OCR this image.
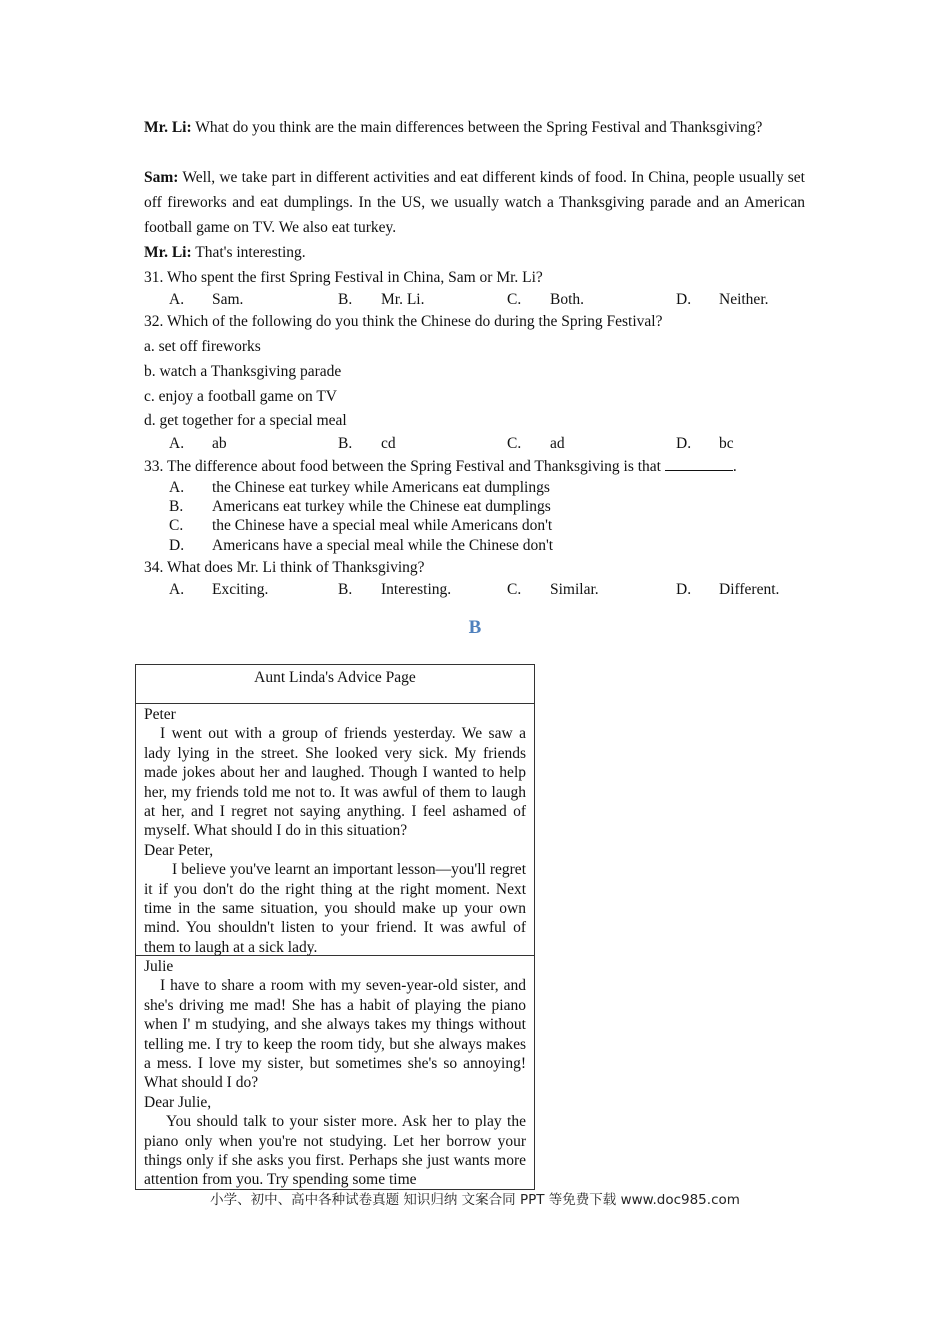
Mr. Li: What do you think are the main differences between the Spring Festival and Thanksgiving?
Sam: Well, we take part in different activities and eat different kinds of food. In China, people usually set off fireworks and eat dumplings. In the US, we usually watch a Thanksgiving parade and an American football game on TV. We also eat turkey.
Mr. Li: That's interesting.
31. Who spent the first Spring Festival in China, Sam or Mr. Li?
A. Sam.	B. Mr. Li.	C. Both.	D. Neither.
32. Which of the following do you think the Chinese do during the Spring Festival?
a. set off fireworks
b. watch a Thanksgiving parade
c. enjoy a football game on TV
d. get together for a special meal
A. ab	B. cd	C. ad	D. bc
33. The difference about food between the Spring Festival and Thanksgiving is that	.
A. the Chinese eat turkey while Americans eat dumplings
B. Americans eat turkey while the Chinese eat dumplings
C. the Chinese have a special meal while Americans don't
D. Americans have a special meal while the Chinese don't
34. What does Mr. Li think of Thanksgiving?
A. Exciting.	B. Interesting.	C. Similar.	D. Different.
B
Aunt Linda's Advice Page
Peter
I went out with a group of friends yesterday. We saw a lady lying in the street. She looked very sick. My friends made jokes about her and laughed. Though I wanted to help her, my friends told me not to. It was awful of them to laugh at her, and I regret not saying anything. I feel ashamed of myself. What should I do in this situation?
Dear Peter,
I believe you've learnt an important lesson—you'll regret it if you don't do the right thing at the right moment. Next time in the same situation, you should make up your own mind. You shouldn't listen to your friend. It was awful of them to laugh at a sick lady.
Julie
I have to share a room with my seven-year-old sister, and she's driving me mad! She has a habit of playing the piano when I' m studying, and she always takes my things without telling me. I try to keep the room tidy, but she always makes a mess. I love my sister, but sometimes she's so annoying! What should I do?
Dear Julie,
You should talk to your sister more. Ask her to play the piano only when you're not studying. Let her borrow your things only if she asks you first. Perhaps she just wants more attention from you. Try spending some time
小学、初中、高中各种试卷真题 知识归纳 文案合同 PPT 等免费下载 www.doc985.com
